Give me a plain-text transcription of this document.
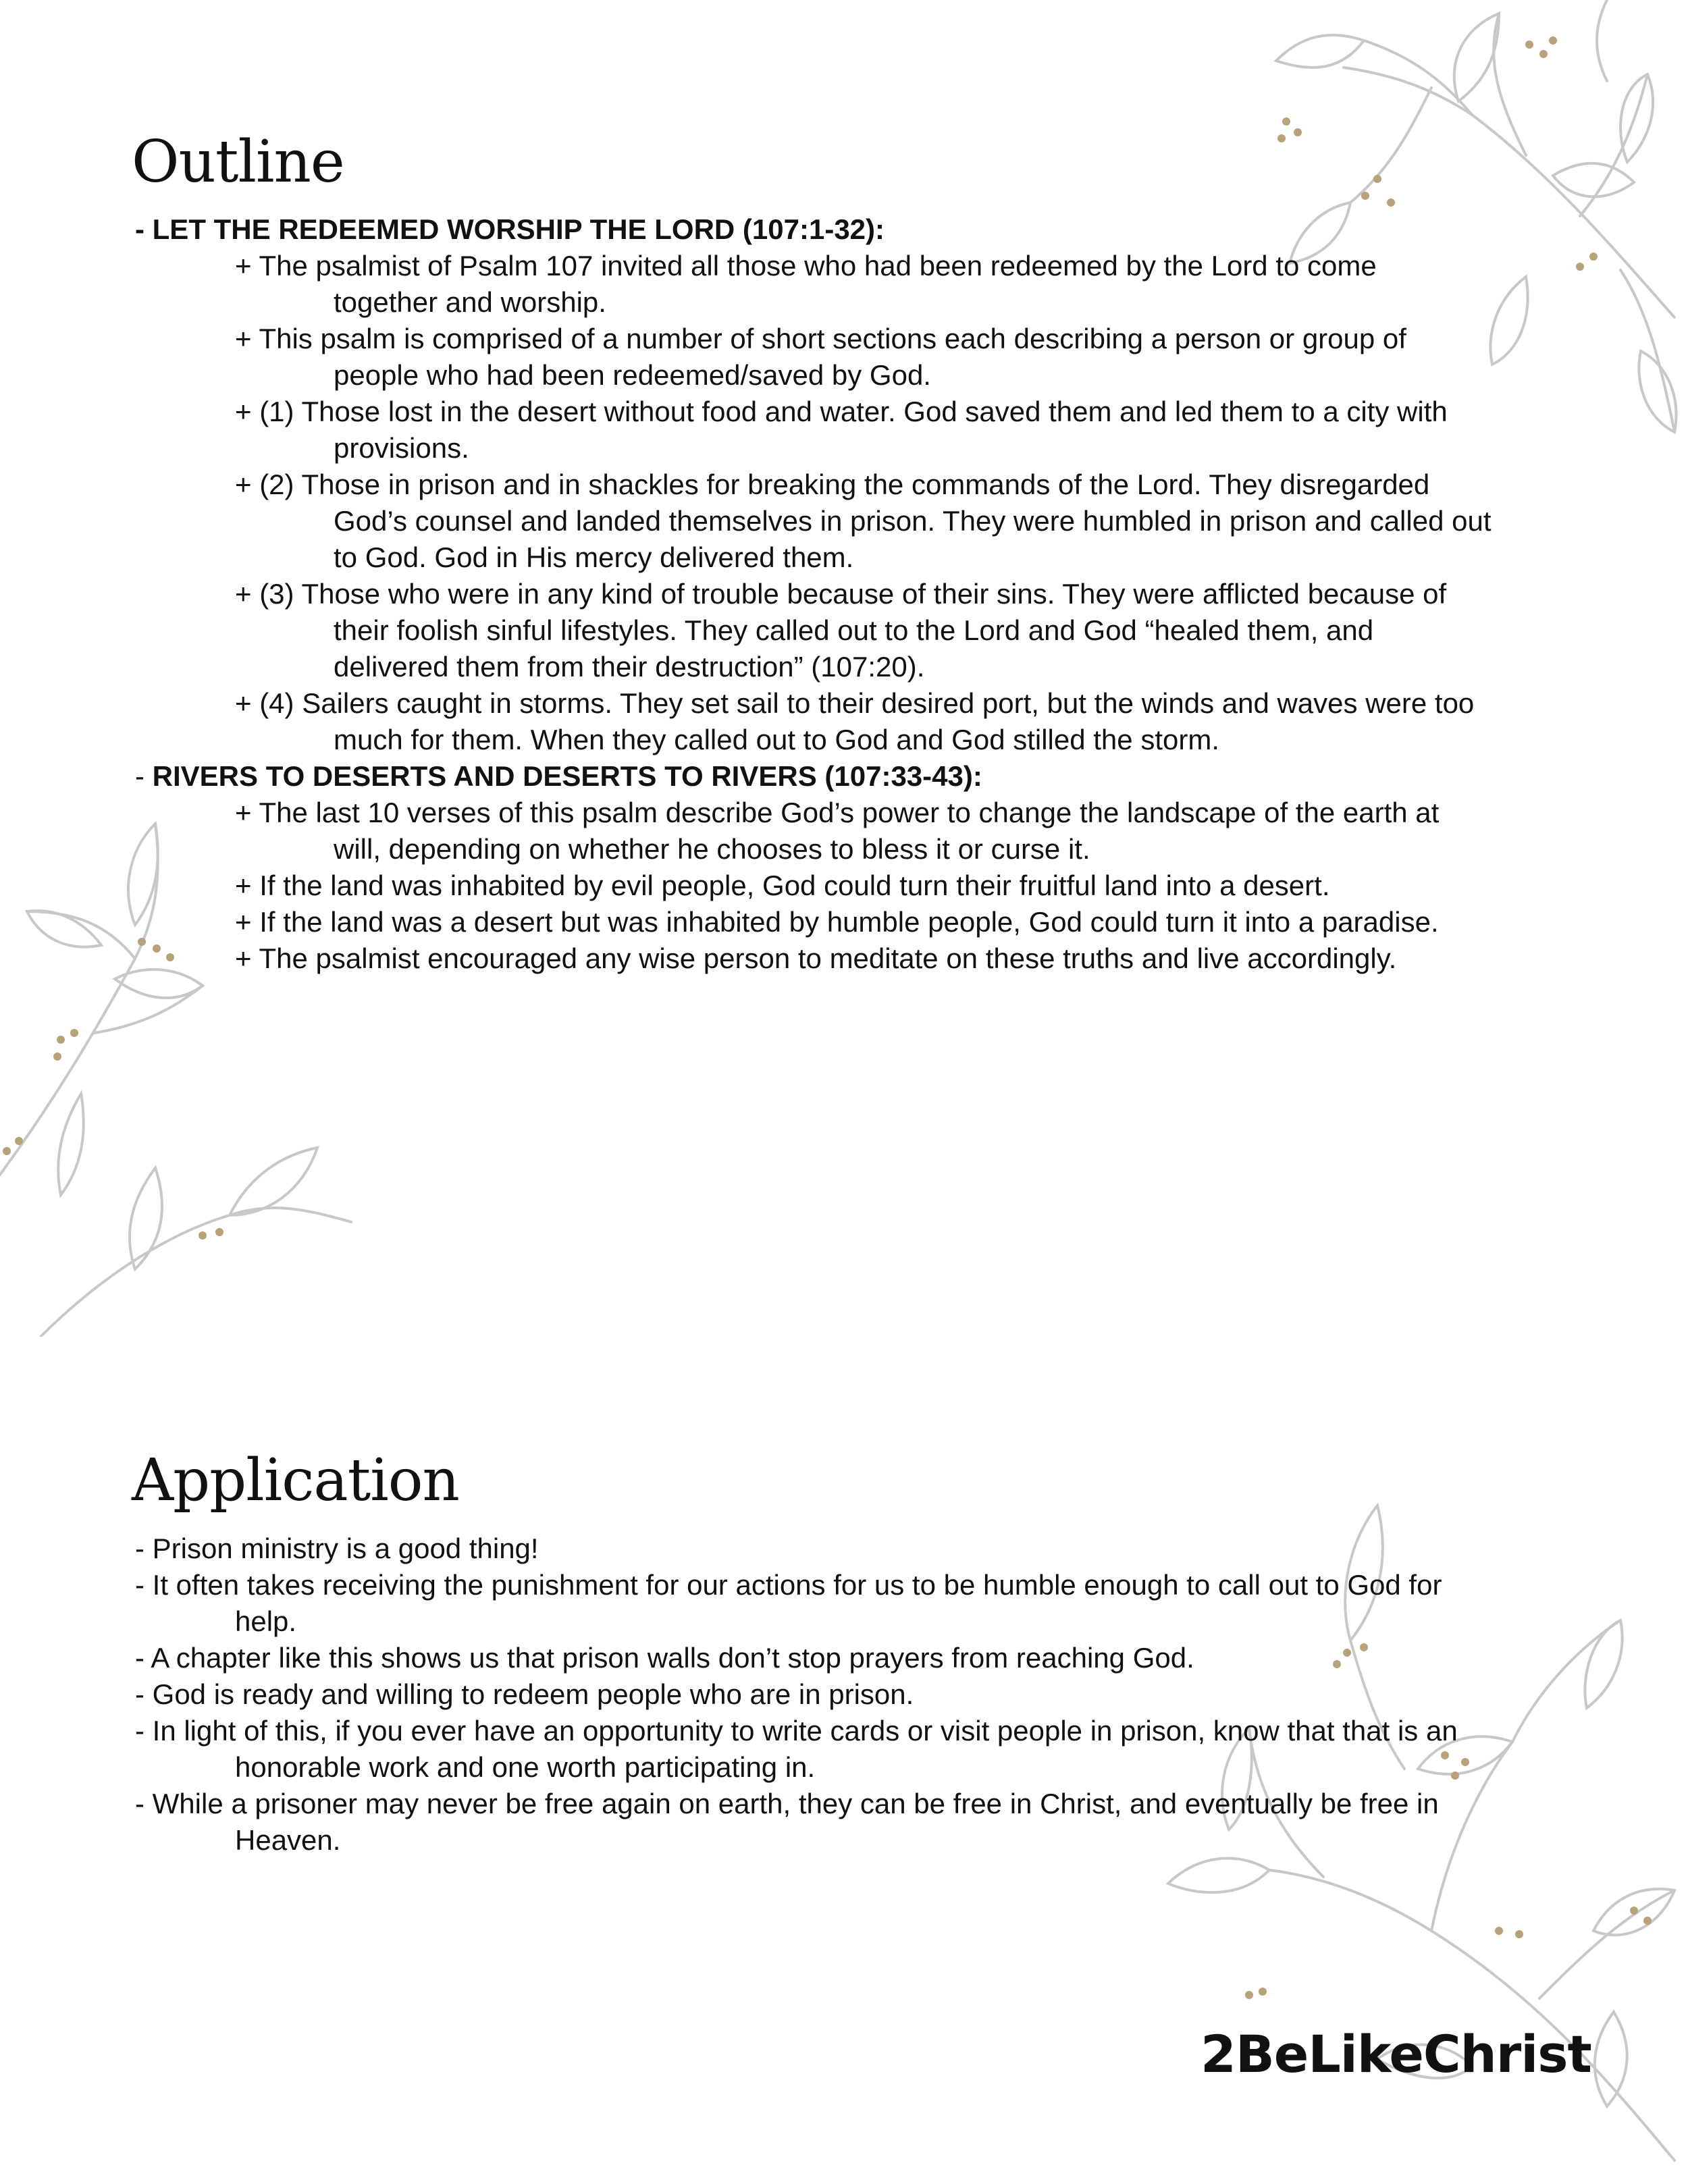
Outline
- LET THE REDEEMED WORSHIP THE LORD (107:1-32):
+ The psalmist of Psalm 107 invited all those who had been redeemed by the Lord to come
together and worship.
+ This psalm is comprised of a number of short sections each describing a person or group of
people who had been redeemed/saved by God.
+ (1) Those lost in the desert without food and water. God saved them and led them to a city with
provisions.
+ (2) Those in prison and in shackles for breaking the commands of the Lord. They disregarded
God’s counsel and landed themselves in prison. They were humbled in prison and called out
to God. God in His mercy delivered them.
+ (3) Those who were in any kind of trouble because of their sins. They were afflicted because of
their foolish sinful lifestyles. They called out to the Lord and God “healed them, and
delivered them from their destruction” (107:20).
+ (4) Sailers caught in storms. They set sail to their desired port, but the winds and waves were too
much for them. When they called out to God and God stilled the storm.
- RIVERS TO DESERTS AND DESERTS TO RIVERS (107:33-43):
+ The last 10 verses of this psalm describe God’s power to change the landscape of the earth at
will, depending on whether he chooses to bless it or curse it.
+ If the land was inhabited by evil people, God could turn their fruitful land into a desert.
+ If the land was a desert but was inhabited by humble people, God could turn it into a paradise.
+ The psalmist encouraged any wise person to meditate on these truths and live accordingly.
Application
- Prison ministry is a good thing!
- It often takes receiving the punishment for our actions for us to be humble enough to call out to God for
help.
- A chapter like this shows us that prison walls don’t stop prayers from reaching God.
- God is ready and willing to redeem people who are in prison.
- In light of this, if you ever have an opportunity to write cards or visit people in prison, know that that is an
honorable work and one worth participating in.
- While a prisoner may never be free again on earth, they can be free in Christ, and eventually be free in
Heaven.
2BeLikeChrist
